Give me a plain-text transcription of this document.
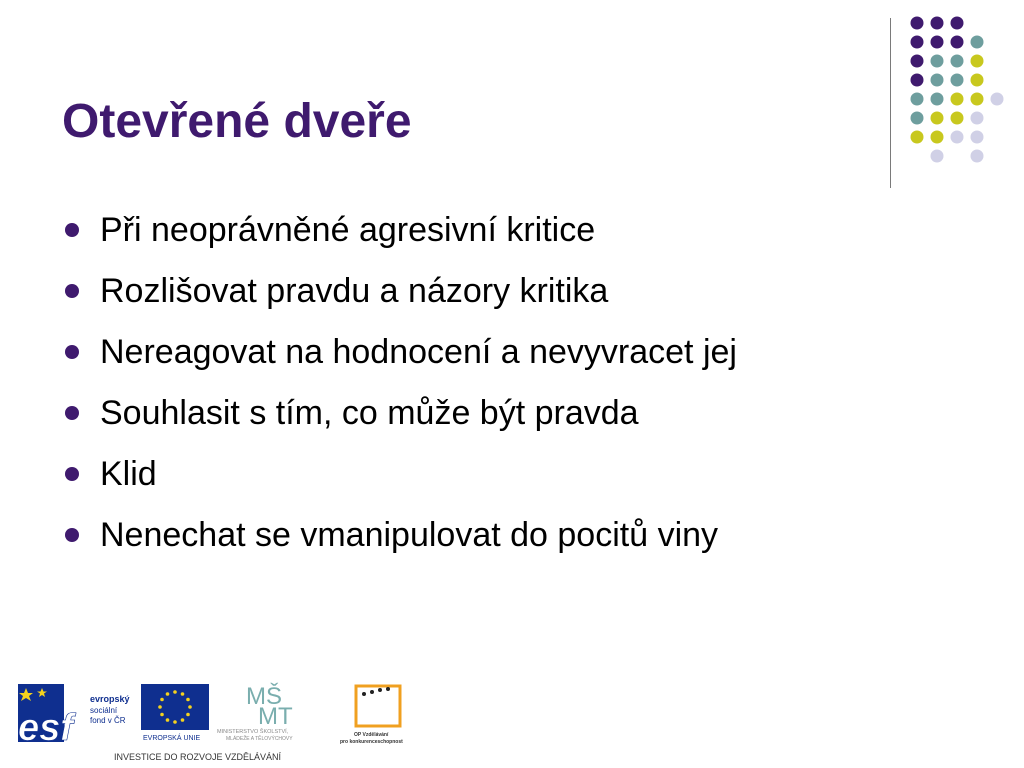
Otevřené dveře
Při neoprávněné agresivní kritice
Rozlišovat pravdu a názory kritika
Nereagovat na hodnocení a nevyvracet jej
Souhlasit s tím, co může být pravda
Klid
Nenechat se vmanipulovat do pocitů viny
esf
evropský
sociální
fond v ČR
EVROPSKÁ UNIE
MŠ
MT
MINISTERSTVO ŠKOLSTVÍ,
MLÁDEŽE A TĚLOVÝCHOVY
OP Vzdělávání
pro konkurenceschopnost
INVESTICE DO ROZVOJE VZDĚLÁVÁNÍ
